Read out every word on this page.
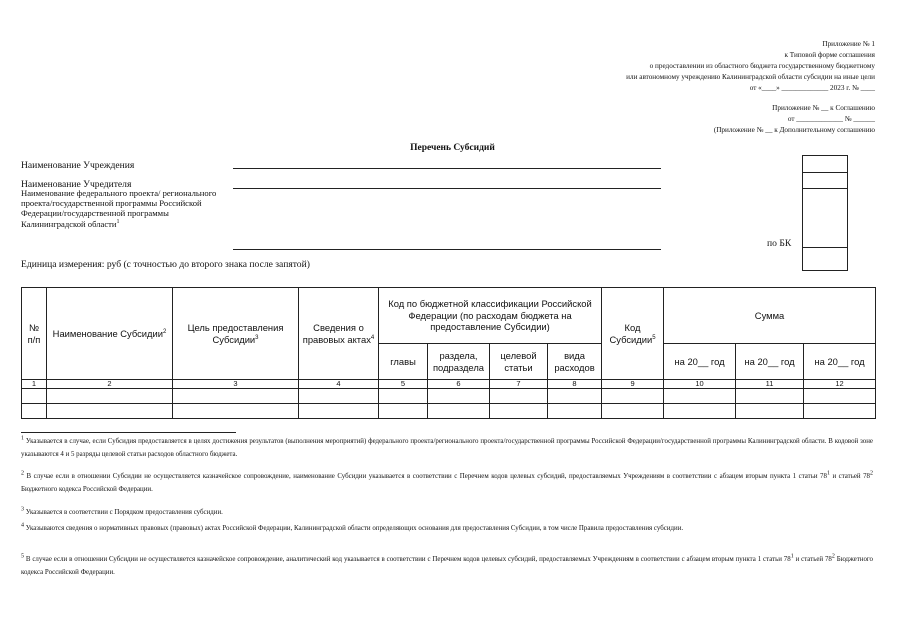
Приложение № 1
к Типовой форме соглашения
о предоставлении из областного бюджета государственному бюджетному
или автономному учреждению Калининградской области субсидии на иные цели
от «____» _____________ 2023 г. № ____
Приложение № __ к Соглашению
от _____________ № ______
(Приложение № __ к Дополнительному соглашению
Перечень Субсидий
Наименование Учреждения
Наименование Учредителя
Наименование федерального проекта/ регионального проекта/государственной программы Российской Федерации/государственной программы Калининградской области$^1$
по БК
Единица измерения: руб (с точностью до второго знака после запятой)
№ п/п	Наименование Субсидии$^2$	Цель предоставления Субсидии$^3$	Сведения о правовых актах$^4$	Код по бюджетной классификации Российской Федерации (по расходам бюджета на предоставление Субсидии)				Код Субсидии$^5$	Сумма		
				главы	раздела, подраздела	целевой статьи	вида расходов		на 20__ год	на 20__ год	на 20__ год
1	2	3	4	5	6	7	8	9	10	11	12

$^1$ Указывается в случае, если Субсидия предоставляется в целях достижения результатов (выполнения мероприятий) федерального проекта/регионального проекта/государственной программы Российской Федерации/государственной программы Калининградской области. В кодовой зоне указываются 4 и 5 разряды целевой статьи расходов областного бюджета.
$^2$ В случае если в отношении Субсидии не осуществляется казначейское сопровождение, наименование Субсидии указывается в соответствии с Перечнем кодов целевых субсидий, предоставляемых Учреждениям в соответствии с абзацем вторым пункта 1 статьи $78^1$ и статьей $78^2$ Бюджетного кодекса Российской Федерации.
$^3$ Указывается в соответствии с Порядком предоставления субсидии.
$^4$ Указываются сведения о нормативных правовых (правовых) актах Российской Федерации, Калининградской области определяющих основания для предоставления Субсидии, в том числе Правила предоставления субсидии.
$^5$ В случае если в отношении Субсидии не осуществляется казначейское сопровождение, аналитический код указывается в соответствии с Перечнем кодов целевых субсидий, предоставляемых Учреждениям в соответствии с абзацем вторым пункта 1 статьи $78^1$ и статьей $78^2$ Бюджетного кодекса Российской Федерации.
